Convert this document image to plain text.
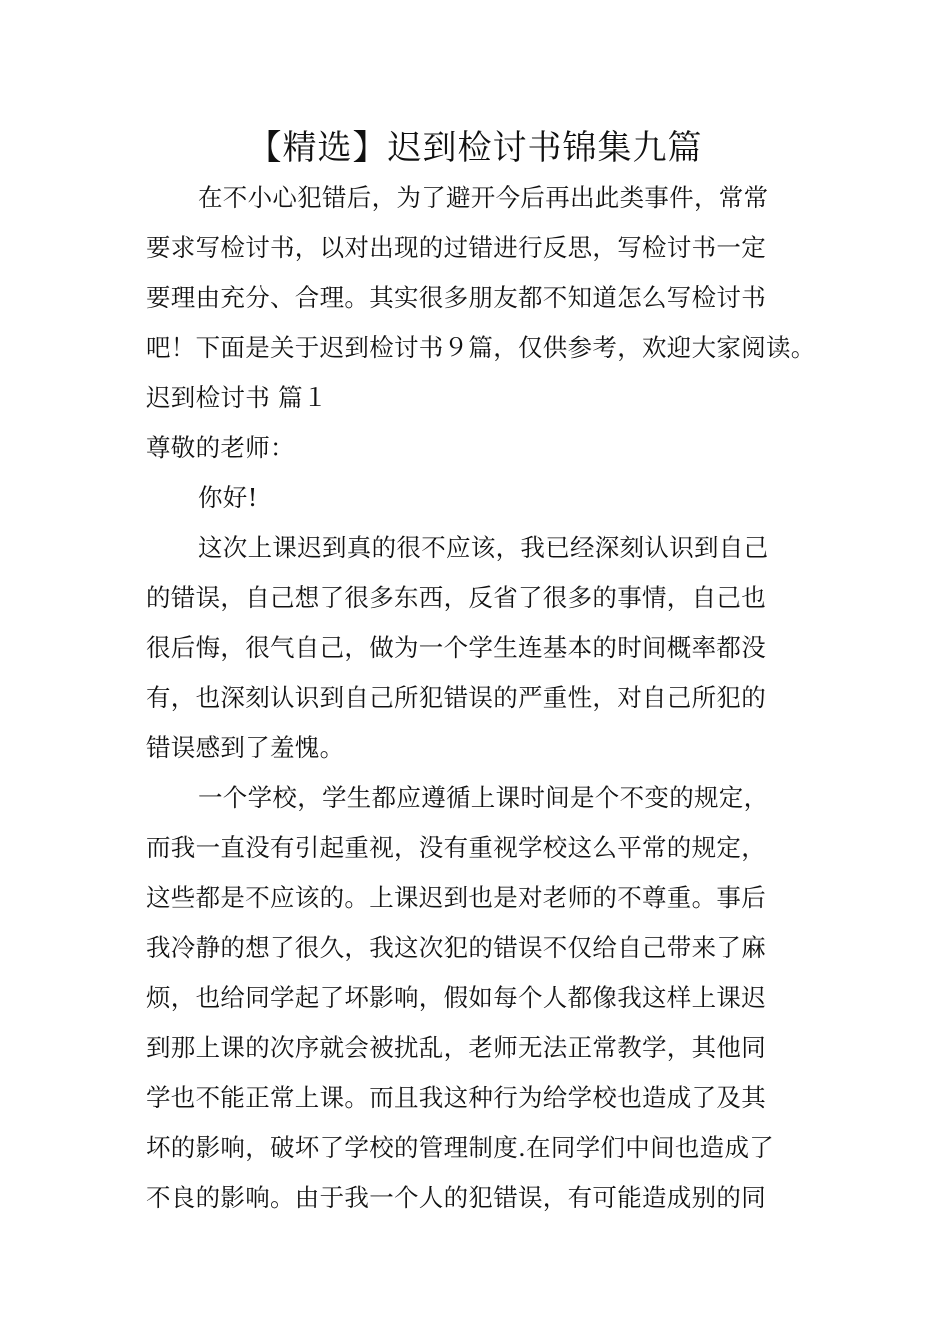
【精选】迟到检讨书锦集九篇
在不小心犯错后，为了避开今后再出此类事件，常常
要求写检讨书，以对出现的过错进行反思，写检讨书一定
要理由充分、合理。其实很多朋友都不知道怎么写检讨书
吧！下面是关于迟到检讨书９篇，仅供参考，欢迎大家阅读。
迟到检讨书 篇１
尊敬的老师：
你好!
这次上课迟到真的很不应该，我已经深刻认识到自己
的错误，自己想了很多东西，反省了很多的事情，自己也
很后悔，很气自己，做为一个学生连基本的时间概率都没
有，也深刻认识到自己所犯错误的严重性，对自己所犯的
错误感到了羞愧。
一个学校，学生都应遵循上课时间是个不变的规定，
而我一直没有引起重视，没有重视学校这么平常的规定，
这些都是不应该的。上课迟到也是对老师的不尊重。事后
我冷静的想了很久，我这次犯的错误不仅给自己带来了麻
烦，也给同学起了坏影响，假如每个人都像我这样上课迟
到那上课的次序就会被扰乱，老师无法正常教学，其他同
学也不能正常上课。而且我这种行为给学校也造成了及其
坏的影响，破坏了学校的管理制度.在同学们中间也造成了
不良的影响。由于我一个人的犯错误，有可能造成别的同
